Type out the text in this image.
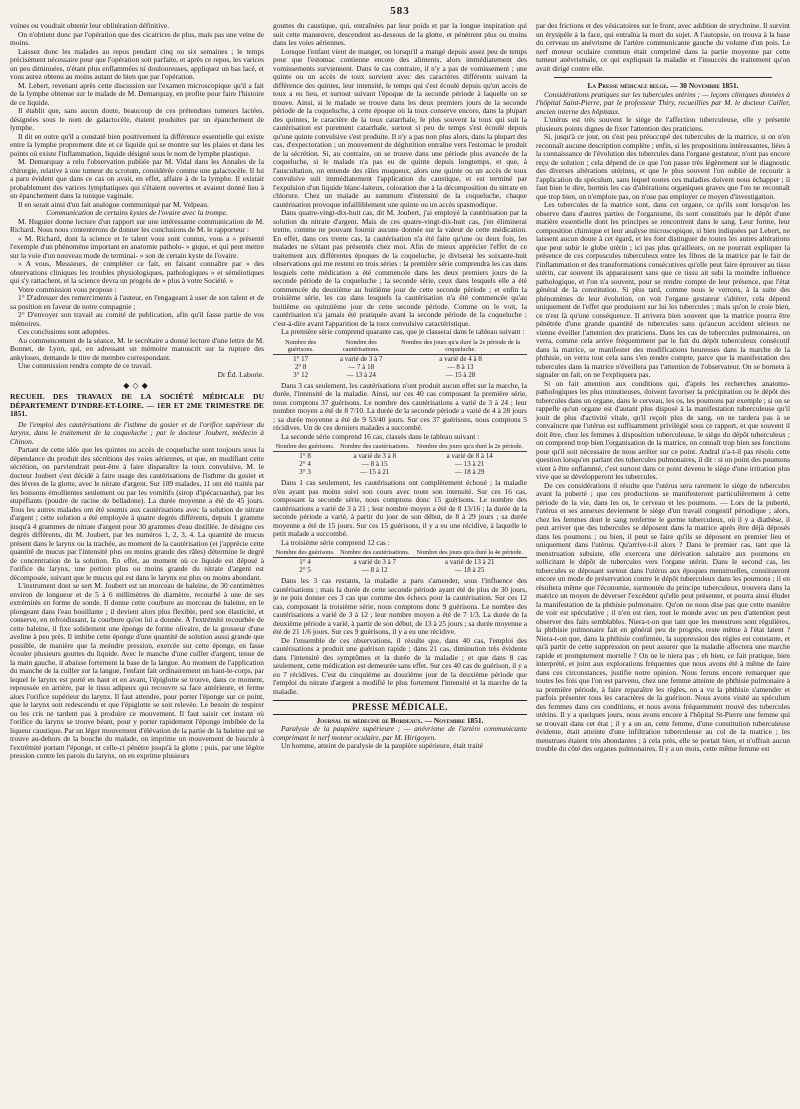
583

voines ou voudrait obtenir leur oblitération définitive.

On n'obtient donc par l'opération que des cicatrices de plus, mais pas une veine de moins.

Laissez donc les malades au repos pendant cinq ou six semaines ; le temps précisément nécessaire pour que l'opération soit parfaite, et après ce repos, les varices un peu diminuées, n'étant plus enflammées ni douloureuses, appliquez un bas lacé, et vous aurez obtenu au moins autant de bien que par l'opération.

M. Lebert, revenant après cette discussion sur l'examen microscopique qu'il a fait de la lymphe obtenue sur le malade de M. Demarquay, en profite pour faire l'histoire de ce liquide.

Il établit que, sans aucun doute, beaucoup de ces prétendues tumeurs lactées, désignées sous le nom de galactocèle, étaient produites par un épanchement de lymphe.

Il dit en outre qu'il a constaté bien positivement la différence essentielle qui existe entre la lymphe proprement dite et ce liquide qui se montre sur les plaies et dans les points où existe l'inflammation, liquide désigné sous le nom de lymphe plastique.

M. Demarquay a relu l'observation publiée par M. Vidal dans les Annales de la chirurgie, relative à une tumeur du scrotum, considérée comme une galactocèle. Il lui a paru évident que dans ce cas on avait, en effet, affaire à de la lymphe. Il existait probablement des varices lymphatiques qui s'étaient ouvertes et avaient donné lieu à un épanchement dans la tunique vaginale.

Il en serait ainsi d'un fait analogue communiqué par M. Velpeau.

Communication de certains kystes de l'ovaire avec la trompe.

M. Huguier donne lecture d'un rapport sur une intéressante communication de M. Richard. Nous nous contenterons de donner les conclusions de M. le rapporteur :

« M. Richard, dont la science et le talent vous sont connus, vous a » présenté l'exemple d'un phénomène important en anatomie patholo- » gique, et qui peut mettre sur la voie d'un nouveau mode de terminai- » son de certain kyste de l'ovaire.

» A vous, Messieurs, de compléter ce fait, en faisant connaître par » des observations cliniques les troubles physiologiques, pathologiques » et séméiotiques qui s'y rattachent, et la science devra un progrès de » plus à votre Société. »

Votre commission vous propose :

1° D'adresser des remerciments à l'auteur, en l'engageant à user de son talent et de sa position en faveur de notre compagnie ;

2° D'envoyer son travail au comité de publication, afin qu'il fasse partie de vos mémoires.

Ces conclusions sont adoptées.

Au commencement de la séance, M. le secrétaire a donné lecture d'une lettre de M. Bonnet, de Lyon, qui, en adressant un mémoire manuscrit sur la rupture des ankyloses, demande le titre de membre correspondant.

Une commission rendra compte de ce travail.

Dr Éd. Laborie.

◆◇◆
RECUEIL DES TRAVAUX DE LA SOCIÉTÉ MÉDICALE DU DÉPARTEMENT D'INDRE-ET-LOIRE. — 1ER ET 2ME TRIMESTRE DE 1851.

De l'emploi des cautérisations de l'isthme du gosier et de l'orifice supérieur du larynx, dans le traitement de la coqueluche ; par le docteur Joubert, médecin à Chinon.

Partant de cette idée que les quintes ou accès de coqueluche sont toujours sous la dépendance du produit des sécrétions des voies aériennes, et que, en modifiant cette sécrétion, on parviendrait peut-être à faire disparaître la toux convulsive, M. le docteur Joubert s'est décidé à faire usage des cautérisations de l'isthme du gosier et des lèvres de la glotte, avec le nitrate d'argent. Sur 109 malades, 11 ont été traités par les boissons émollientes seulement ou par les vomitifs (sirop d'ipécacuanha), par les stupéfiants (poudre de racine de belladone). La durée moyenne a été de 45 jours. Tous les autres malades ont été soumis aux cautérisations avec la solution de nitrate d'argent ; cette solution a été employée à quatre degrés différents, depuis 1 gramme jusqu'à 4 grammes de nitrate d'argent pour 30 grammes d'eau distillée. Je désigne ces degrés différents, dit M. Joubert, par les numéros 1, 2, 3, 4. La quantité de mucus présent dans le larynx ou la trachée, au moment de la cautérisation (et j'apprécie cette quantité de mucus par l'intensité plus ou moins grande des râles) détermine le degré de concentration de la solution. En effet, au moment où ce liquide est déposé à l'orifice du larynx, une portion plus ou moins grande du nitrate d'argent est décomposée, suivant que le mucus qui est dans le larynx est plus ou moins abondant.

L'instrument dont se sert M. Joubert est un morceau de baleine, de 30 centimètres environ de longueur et de 5 à 6 millimètres de diamètre, recourbé à une de ses extrémités en forme de sonde. Il donne cette courbure au morceau de baleine, en le plongeant dans l'eau bouillante ; il devient alors plus flexible, perd son élasticité, et conserve, en refroidissant, la courbure qu'on lui a donnée. A l'extrémité recourbée de cette baleine, il fixe solidement une éponge de forme olivaire, de la grosseur d'une aveline à peu près. Il imbibe cette éponge d'une quantité de solution aussi grande que possible, de manière que la moindre pression, exercée sur cette éponge, en fasse écouler plusieurs gouttes du liquide. Avec le manche d'une cuiller d'argent, tenue de la main gauche, il abaisse fortement la base de la langue. Au moment de l'application du manche de la cuiller sur la langue, l'enfant fait ordinairement un haut-le-corps, par lequel le larynx est porté en haut et en avant, l'épiglotte se trouve, dans ce moment, repoussée en arrière, par le tissu adipeux qui recouvre sa face antérieure, et ferme alors l'orifice supérieur du larynx. Il faut attendre, pour porter l'éponge sur ce point, que le larynx soit redescendu et que l'épiglotte se soit relevée. Le besoin de respirer ou les cris ne tardent pas à produire ce mouvement. Il faut saisir cet instant où l'orifice du larynx se trouve béant, pour y porter rapidement l'éponge imbibée de la liqueur caustique. Par un léger mouvement d'élévation de la partie de la baleine qui se trouve au-dehors de la bouche du malade, on imprime un mouvement de bascule à l'extrémité portant l'éponge, et celle-ci pénètre jusqu'à la glotte ; puis, par une légère pression contre les parois du larynx, on en exprime plusieurs

gouttes du caustique, qui, entraînées par leur poids et par la longue inspiration qui suit cette manœuvre, descendent au-dessous de la glotte, et pénètrent plus ou moins dans les voies aériennes.

Lorsque l'enfant vient de manger, ou lorsqu'il a mangé depuis assez peu de temps pour que l'estomac contienne encore des aliments, alors immédiatement des vomissements surviennent. Dans le cas contraire, il n'y a pas de vomissement ; une quinte ou un accès de toux survient avec des caractères différents suivant la différence des quintes, leur intensité, le temps qui s'est écoulé depuis qu'un accès de toux a eu lieu, et surtout suivant l'époque de la seconde période à laquelle on se trouve. Ainsi, si le malade se trouve dans les deux premiers jours de la seconde période de la coqueluche, à cette époque où la toux conserve encore, dans la plupart des quintes, le caractère de la toux catarrhale, le plus souvent la toux qui suit la cautérisation est purement catarrhale, surtout si peu de temps s'est écoulé depuis qu'une quinte convulsive s'est produite. Il n'y a pas non plus alors, dans la plupart des cas, d'expectoration ; un mouvement de déglutition entraîne vers l'estomac le produit de la sécrétion. Si, au contraire, on se trouve dans une période plus avancée de la coqueluche, si le malade n'a pas eu de quinte depuis longtemps, et que, à l'auscultation, on entende des râles muqueux, alors une quinte ou un accès de toux convulsive suit immédiatement l'application du caustique, et est terminé par l'expulsion d'un liquide blanc-laiteux, coloration due à la décomposition du nitrate en chlorure. Chez un malade au summum d'intensité de la coqueluche, chaque cautérisation provoque infailliblement une quinte ou un accès spasmodique.

Dans quatre-vingt-dix-huit cas, dit M. Joubert, j'ai employé la cautérisation par la solution du nitrate d'argent. Mais de ces quatre-vingt-dix-huit cas, j'en éliminerai trente, comme ne pouvant fournir aucune donnée sur la valeur de cette médication. En effet, dans ces trente cas, la cautérisation n'a été faite qu'une ou deux fois, les malades ne s'étant pas présentés chez moi. Afin de mieux apprécier l'effet de ce traitement aux différentes époques de la coqueluche, je diviserai les soixante-huit observations qui me restent en trois séries : la première série comprendra les cas dans lesquels cette médication a été commencée dans les deux premiers jours de la seconde période de la coqueluche ; la seconde série, ceux dans lesquels elle a été commencée du deuxième au huitième jour de cette seconde période ; et enfin la troisième série, les cas dans lesquels la cautérisation n'a été commencée qu'au huitième ou quinzième jour de cette seconde période. Comme on le voit, la cautérisation n'a jamais été pratiquée avant la seconde période de la coqueluche ; c'est-à-dire avant l'apparition de la toux convulsive caractéristique.

La première série comprend quarante cas, que je classerai dans le tableau suivant :

Nombre des guérisons.	Nombre des cautérisations.	Nombre des jours qu'a duré la 2e période de la coqueluche.
1° 17	a varié de 3 à 7	a varié de 4 à 8
2° 8	— 7 à 18	— 8 à 13
3° 12	— 13 à 24	— 15 à 28

Dans 3 cas seulement, les cautérisations n'ont produit aucun effet sur la marche, la durée, l'intensité de la maladie. Ainsi, sur ces 40 cas composant la première série, nous comptons 37 guérisons. Le nombre des cautérisations a varié de 3 à 24 ; leur nombre moyen a été de 8 7/10. La durée de la seconde période a varié de 4 à 28 jours ; sa durée moyenne a été de 9 53/40 jours. Sur ces 37 guérisons, nous comptons 5 récidives. Un de ces derniers malades a succombé.

La seconde série comprend 16 cas, classés dans le tableau suivant :

Nombre des guérisons.	Nombre des cautérisations.	Nombre des jours qu'a duré la 2e période.
1° 8	a varié de 3 à 8	a varié de 8 à 14
2° 4	— 8 à 15	— 13 à 21
3° 3	— 15 à 21	— 18 à 29

Dans 1 cas seulement, les cautérisations ont complètement échoué ; la maladie n'en ayant pas moins suivi son cours avec toute son intensité. Sur ces 16 cas, composant la seconde série, nous comptons donc 15 guérisons. Le nombre des cautérisations a varié de 3 à 21 ; leur nombre moyen a été de 8 13/16 ; la durée de la seconde période a varié, à partir du jour de son début, de 8 à 29 jours ; sa durée moyenne a été de 15 jours. Sur ces 15 guérisons, il y a eu une récidive, à laquelle le petit malade a succombé.

La troisième série comprend 12 cas :

Nombre des guérisons.	Nombre des cautérisations.	Nombre des jours qu'a duré la 4e période.
1° 4	a varié de 3 à 7	a varié de 13 à 21
2° 5	— 8 à 12	— 18 à 25

Dans les 3 cas restants, la maladie a paru s'amender, sous l'influence des cautérisations ; mais la durée de cette seconde période ayant été de plus de 30 jours, je ne puis donner ces 3 cas que comme des échecs pour la cautérisation. Sur ces 12 cas, composant la troisième série, nous comptons donc 9 guérisons. Le nombre des cautérisations a varié de 3 à 12 ; leur nombre moyen a été de 7 1/3. La durée de la deuxième période a varié, à partir de son début, de 13 à 25 jours ; sa durée moyenne a été de 21 1/6 jours. Sur ces 9 guérisons, il y a eu une récidive.

De l'ensemble de ces observations, il résulte que, dans 40 cas, l'emploi des cautérisations a produit une guérison rapide ; dans 21 cas, diminution très évidente dans l'intensité des symptômes et la durée de la maladie ; et que dans 8 cas seulement, cette médication est demeurée sans effet. Sur ces 40 cas de guérison, il y a eu 7 récidives. C'est du cinquième au douzième jour de la deuxième période que l'emploi du nitrate d'argent a modifié le plus fortement l'intensité et la marche de la maladie.

PRESSE MÉDICALE.

Journal de médecine de Bordeaux. — Novembre 1851.

Paralysie de la paupière supérieure ; — anévrisme de l'artère communicante comprimant le nerf moteur oculaire, par M. Hirigoyen.

Un homme, atteint de paralysie de la paupière supérieure, était traité

par des frictions et des vésicatoires sur le front, avec addition de strychnine. Il survint un érysipèle à la face, qui entraîna la mort du sujet. A l'autopsie, on trouva à la base du cerveau un anévrisme de l'artère communicante gauche du volume d'un pois. Le nerf moteur oculaire commun était comprimé dans la partie moyenne par cette tumeur anévrismale, ce qui expliquait la maladie et l'insuccès du traitement qu'on avait dirigé contre elle.

La Presse médicale belge. — 30 Novembre 1851.

Considérations pratiques sur les tubercules utérins ; — leçons cliniques données à l'hôpital Saint-Pierre, par le professeur Thiry, recueillies par M. le docteur Cailler, ancien interne des hôpitaux.

L'utérus est très souvent le siège de l'affection tuberculeuse, elle y présente plusieurs points dignes de fixer l'attention des praticiens.

Si, jusqu'à ce jour, on s'est peu préoccupé des tubercules de la matrice, si on n'en reconnaît aucune description complète ; enfin, si les propositions intéressantes, liées à la connaissance de l'évolution des tubercules dans l'organe gestateur, n'ont pas encore reçu de solution ; cela dépend de ce que l'on passe très légèrement sur le diagnostic des diverses altérations utérines, et que le plus souvent l'on oublie de recourir à l'application du spéculum, sans lequel toutes ces maladies doivent nous échapper ; il faut bien le dire, hormis les cas d'altérations organiques graves que l'on ne reconnaît que trop bien, on n'emploie pas, on n'ose pas employer ce moyen d'investigation.

Les tubercules de la matrice sont, dans cet organe, ce qu'ils sont lorsqu'on les observe dans d'autres parties de l'organisme, ils sont constitués par le dépôt d'une matière essentielle dont les principes se rencontrent dans le sang. Leur forme, leur composition chimique et leur analyse microscopique, si bien indiquées par Lebert, ne laissent aucun doute à cet égard, et les font distinguer de toutes les autres altérations que peut subir le globe utérin ; ici pas plus qu'ailleurs, on ne pourrait expliquer la présence de ces corpuscules tuberculeux entre les fibres de la matrice par le fait de l'inflammation et des transformations consécutives qu'elle peut faire éprouver au tissu utérin, car souvent ils apparaissent sans que ce tissu ait subi la moindre influence pathologique, et l'on n'a souvent, pour se rendre compte de leur présence, que l'état général de la constitution. Si plus tard, comme nous le verrons, à la suite des phénomènes de leur évolution, on voit l'organe gestateur s'altérer, cela dépend uniquement de l'effet que produisent sur lui les tubercules ; mais qu'on le croie bien, ce n'est là qu'une conséquence. Il arrivera bien souvent que la matrice pourra être pénétrée d'une grande quantité de tubercules sans qu'aucun accident sérieux ne vienne éveiller l'attention des praticiens. Dans les cas de tubercules pulmonaires, on verra, comme cela arrive fréquemment par le fait du dépôt tuberculeux consécutif dans la matrice, se manifester des modifications heureuses dans la marche de la phthisie, on verra tout cela sans s'en rendre compte, parce que la manifestation des tubercules dans la matrice n'éveillera pas l'attention de l'observateur. On se bornera à signaler un fait, on ne l'expliquera pas.

Si on fait attention aux conditions qui, d'après les recherches anatomo-pathologiques les plus minutieuses, doivent favoriser la précipitation ou le dépôt des tubercules dans un organe, dans le cerveau, les os, les poumons par exemple ; si on se rappelle qu'un organe est d'autant plus disposé à la manifestation tuberculeuse qu'il jouit de plus d'activité vitale, qu'il reçoit plus de sang, on ne tardera pas à se convaincre que l'utérus est suffisamment privilégié sous ce rapport, et que souvent il doit être, chez les femmes à disposition tuberculeuse, le siège du dépôt tuberculeux ; on comprend trop bien l'organisation de la matrice, on connaît trop bien ses fonctions pour qu'il soit nécessaire de nous arrêter sur ce point. Andral n'a-t-il pas résolu cette question lorsqu'en parlant des tubercules pulmonaires, il dit : si un point des poumons vient à être enflammé, c'est surtout dans ce point devenu le siège d'une irritation plus vive que se développeront les tubercules.

De ces considérations il résulte que l'utérus sera rarement le siège de tubercules avant la puberté ; que ces productions se manifesteront particulièrement à cette période de la vie, dans les os, le cerveau et les poumons. — Lors de la puberté, l'utérus et ses annexes deviennent le siège d'un travail congestif périodique ; alors, chez les femmes dont le sang renferme le germe tuberculeux, où il y a diathèse, il peut arriver que des tubercules se déposent dans la matrice après être déjà déposés dans les poumons ; ou bien, il peut se faire qu'ils se déposent en premier lieu et uniquement dans l'utérus. Qu'arrive-t-il alors ? Dans le premier cas, tant que la menstruation subsiste, elle exercera une dérivation salutaire aux poumons en sollicitant le dépôt de tubercules vers l'organe utérin. Dans le second cas, les tubercules se déposant surtout dans l'utérus aux époques menstruelles, constitueront encore un mode de préservation contre le dépôt tuberculeux dans les poumons ; il en résultera même que l'économie, surmontée du principe tuberculeux, trouvera dans la matrice un moyen de déverser l'excédent qu'elle peut présenter, et pourra ainsi éluder la manifestation de la phthisie pulmonaire. Qu'on ne nous dise pas que cette manière de voir est spéculative ; il n'en est rien, tout le monde avec un peu d'attention peut observer des faits semblables. Niera-t-on que tant que les menstrues sont régulières, la phthisie pulmonaire fait en général peu de progrès, reste même à l'état latent ? Niera-t-on que, dans la phthisie confirmée, la suppression des règles est constante, et qu'à partir de cette suppression on peut assurer que la maladie affectera une marche rapide et promptement mortelle ? On ne le niera pas ; eh bien, ce fait pratique, bien interprété, et joint aux explorations fréquentes que nous avons été à même de faire dans ces circonstances, justifie notre opinion. Nous ferons encore remarquer que toutes les fois que l'on est parvenu, chez une femme atteinte de phthisie pulmonaire à sa première période, à faire reparaître les règles, on a vu la phthisie s'amender et parfois présenter tous les caractères de la guérison. Nous avons visité au spéculum des femmes dans ces conditions, et nous avons fréquemment trouvé des tubercules utérins. Il y a quelques jours, nous avons encore à l'hôpital St-Pierre une femme qui se trouvait dans cet état ; il y a un an, cette femme, d'une constitution tuberculeuse évidente, était atteinte d'une infiltration tuberculeuse au col de la matrice ; les menstrues étaient très abondantes ; à cela près, elle se portait bien, et n'offrait aucun trouble du côté des organes pulmonaires. Il y a un mois, cette même femme est
